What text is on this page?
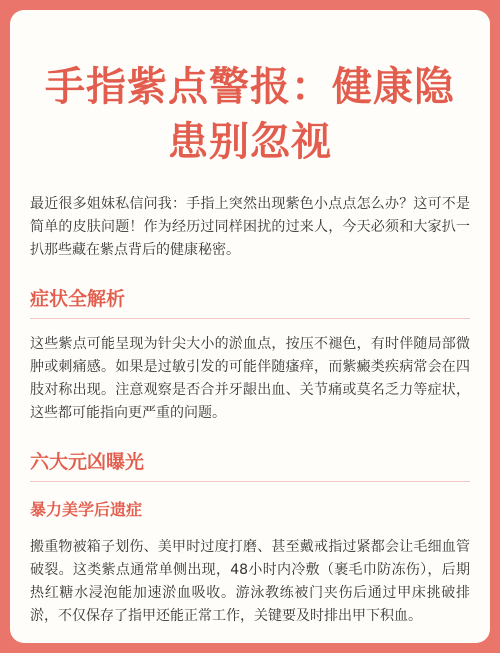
手指紫点警报：健康隐患别忽视

最近很多姐妹私信问我：手指上突然出现紫色小点点怎么办？这可不是简单的皮肤问题！作为经历过同样困扰的过来人，今天必须和大家扒一扒那些藏在紫点背后的健康秘密。

症状全解析

这些紫点可能呈现为针尖大小的淤血点，按压不褪色，有时伴随局部微肿或刺痛感。如果是过敏引发的可能伴随瘙痒，而紫癜类疾病常会在四肢对称出现。注意观察是否合并牙龈出血、关节痛或莫名乏力等症状，这些都可能指向更严重的问题。

六大元凶曝光
暴力美学后遗症

搬重物被箱子划伤、美甲时过度打磨、甚至戴戒指过紧都会让毛细血管破裂。这类紫点通常单侧出现，48小时内冷敷（裹毛巾防冻伤），后期热红糖水浸泡能加速淤血吸收。游泳教练被门夹伤后通过甲床挑破排淤，不仅保存了指甲还能正常工作，关键要及时排出甲下积血。
